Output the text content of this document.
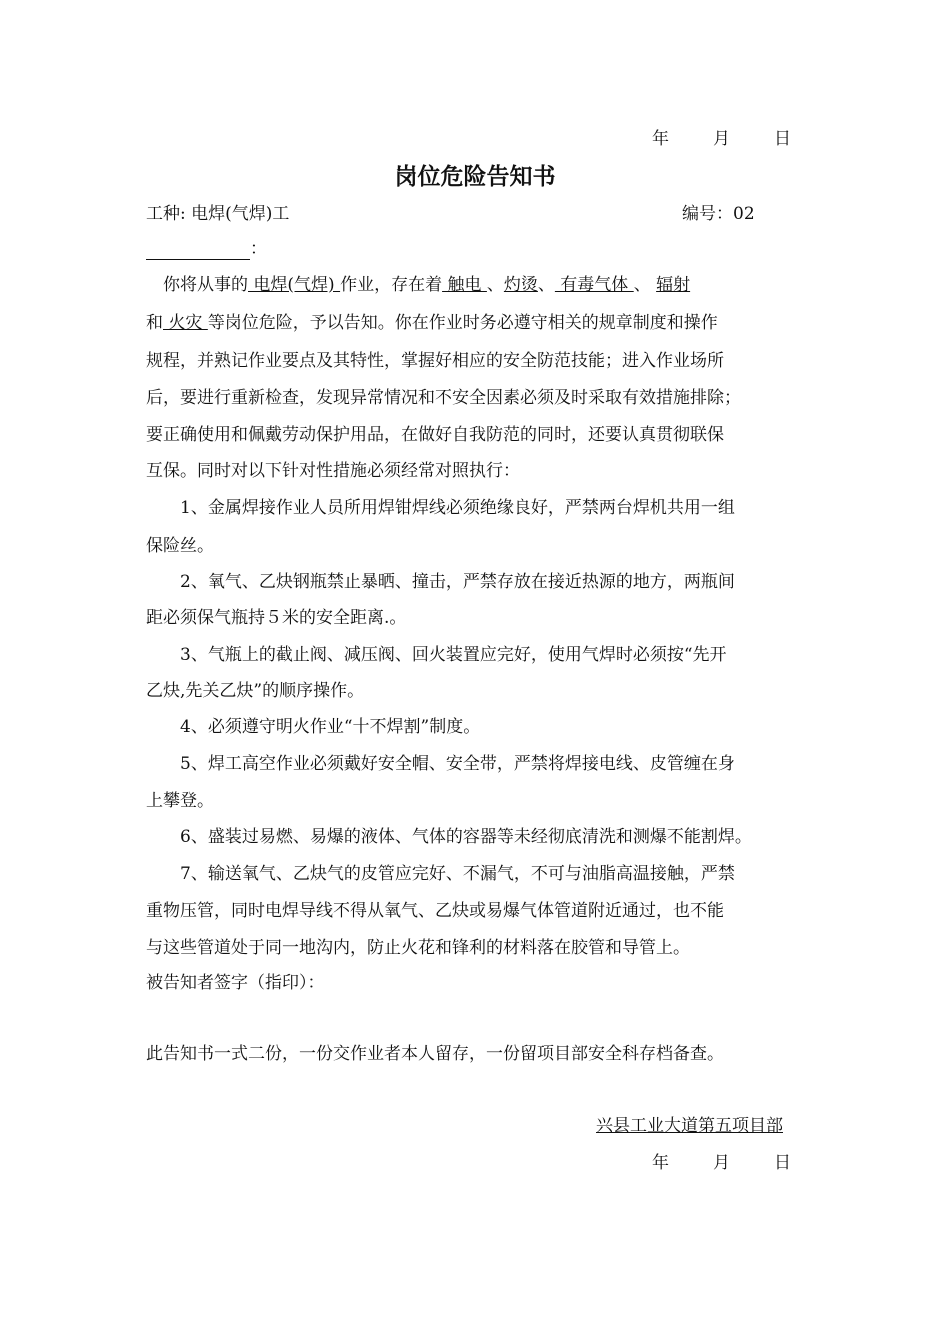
年	月	日
岗位危险告知书
工种: 电焊(气焊)工	编号：02
：
你将从事的 电焊(气焊) 作业，存在着 触电 、灼烫、 有毒气体 、 辐射
和 火灾 等岗位危险，予以告知。你在作业时务必遵守相关的规章制度和操作
规程，并熟记作业要点及其特性，掌握好相应的安全防范技能；进入作业场所
后，要进行重新检查，发现异常情况和不安全因素必须及时采取有效措施排除；
要正确使用和佩戴劳动保护用品，在做好自我防范的同时，还要认真贯彻联保
互保。同时对以下针对性措施必须经常对照执行：
1、金属焊接作业人员所用焊钳焊线必须绝缘良好，严禁两台焊机共用一组
保险丝。
2、氧气、乙炔钢瓶禁止暴晒、撞击，严禁存放在接近热源的地方，两瓶间
距必须保气瓶持５米的安全距离.。
3、气瓶上的截止阀、减压阀、回火装置应完好，使用气焊时必须按“先开
乙炔,先关乙炔”的顺序操作。
4、必须遵守明火作业“十不焊割”制度。
5、焊工高空作业必须戴好安全帽、安全带，严禁将焊接电线、皮管缠在身
上攀登。
6、盛装过易燃、易爆的液体、气体的容器等未经彻底清洗和测爆不能割焊。
7、输送氧气、乙炔气的皮管应完好、不漏气，不可与油脂高温接触，严禁
重物压管，同时电焊导线不得从氧气、乙炔或易爆气体管道附近通过，也不能
与这些管道处于同一地沟内，防止火花和锋利的材料落在胶管和导管上。
被告知者签字（指印）：
此告知书一式二份，一份交作业者本人留存，一份留项目部安全科存档备查。
兴县工业大道第五项目部
年	月	日
